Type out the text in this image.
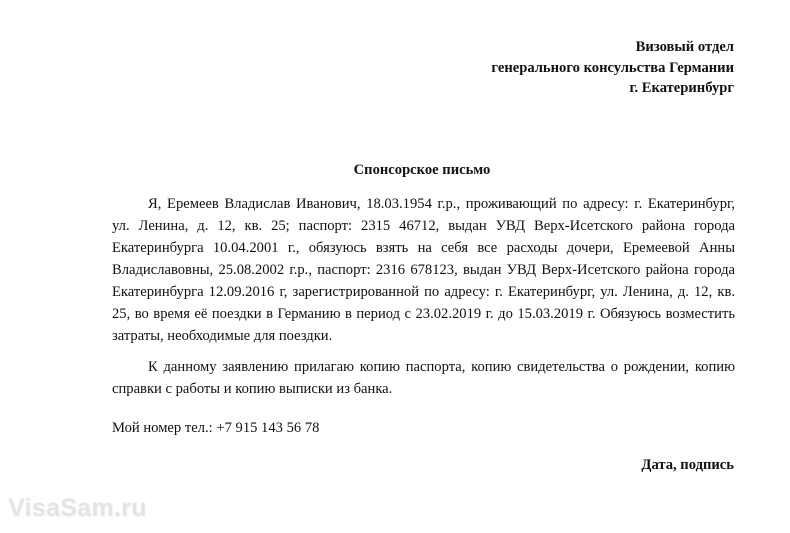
Визовый отдел
генерального консульства Германии
г. Екатеринбург
Спонсорское письмо

Я, Еремеев Владислав Иванович, 18.03.1954 г.р., проживающий по адресу: г. Екатеринбург, ул. Ленина, д. 12, кв. 25; паспорт: 2315 46712, выдан УВД Верх-Исетского района города Екатеринбурга 10.04.2001 г., обязуюсь взять на себя все расходы дочери, Еремеевой Анны Владиславовны, 25.08.2002 г.р., паспорт: 2316 678123, выдан УВД Верх-Исетского района города Екатеринбурга 12.09.2016 г, зарегистрированной по адресу: г. Екатеринбург, ул. Ленина, д. 12, кв. 25, во время её поездки в Германию в период с 23.02.2019 г. до 15.03.2019 г. Обязуюсь возместить затраты, необходимые для поездки.

К данному заявлению прилагаю копию паспорта, копию свидетельства о рождении, копию справки с работы и копию выписки из банка.

Мой номер тел.: +7 915 143 56 78
Дата, подпись
VisaSam.ru
